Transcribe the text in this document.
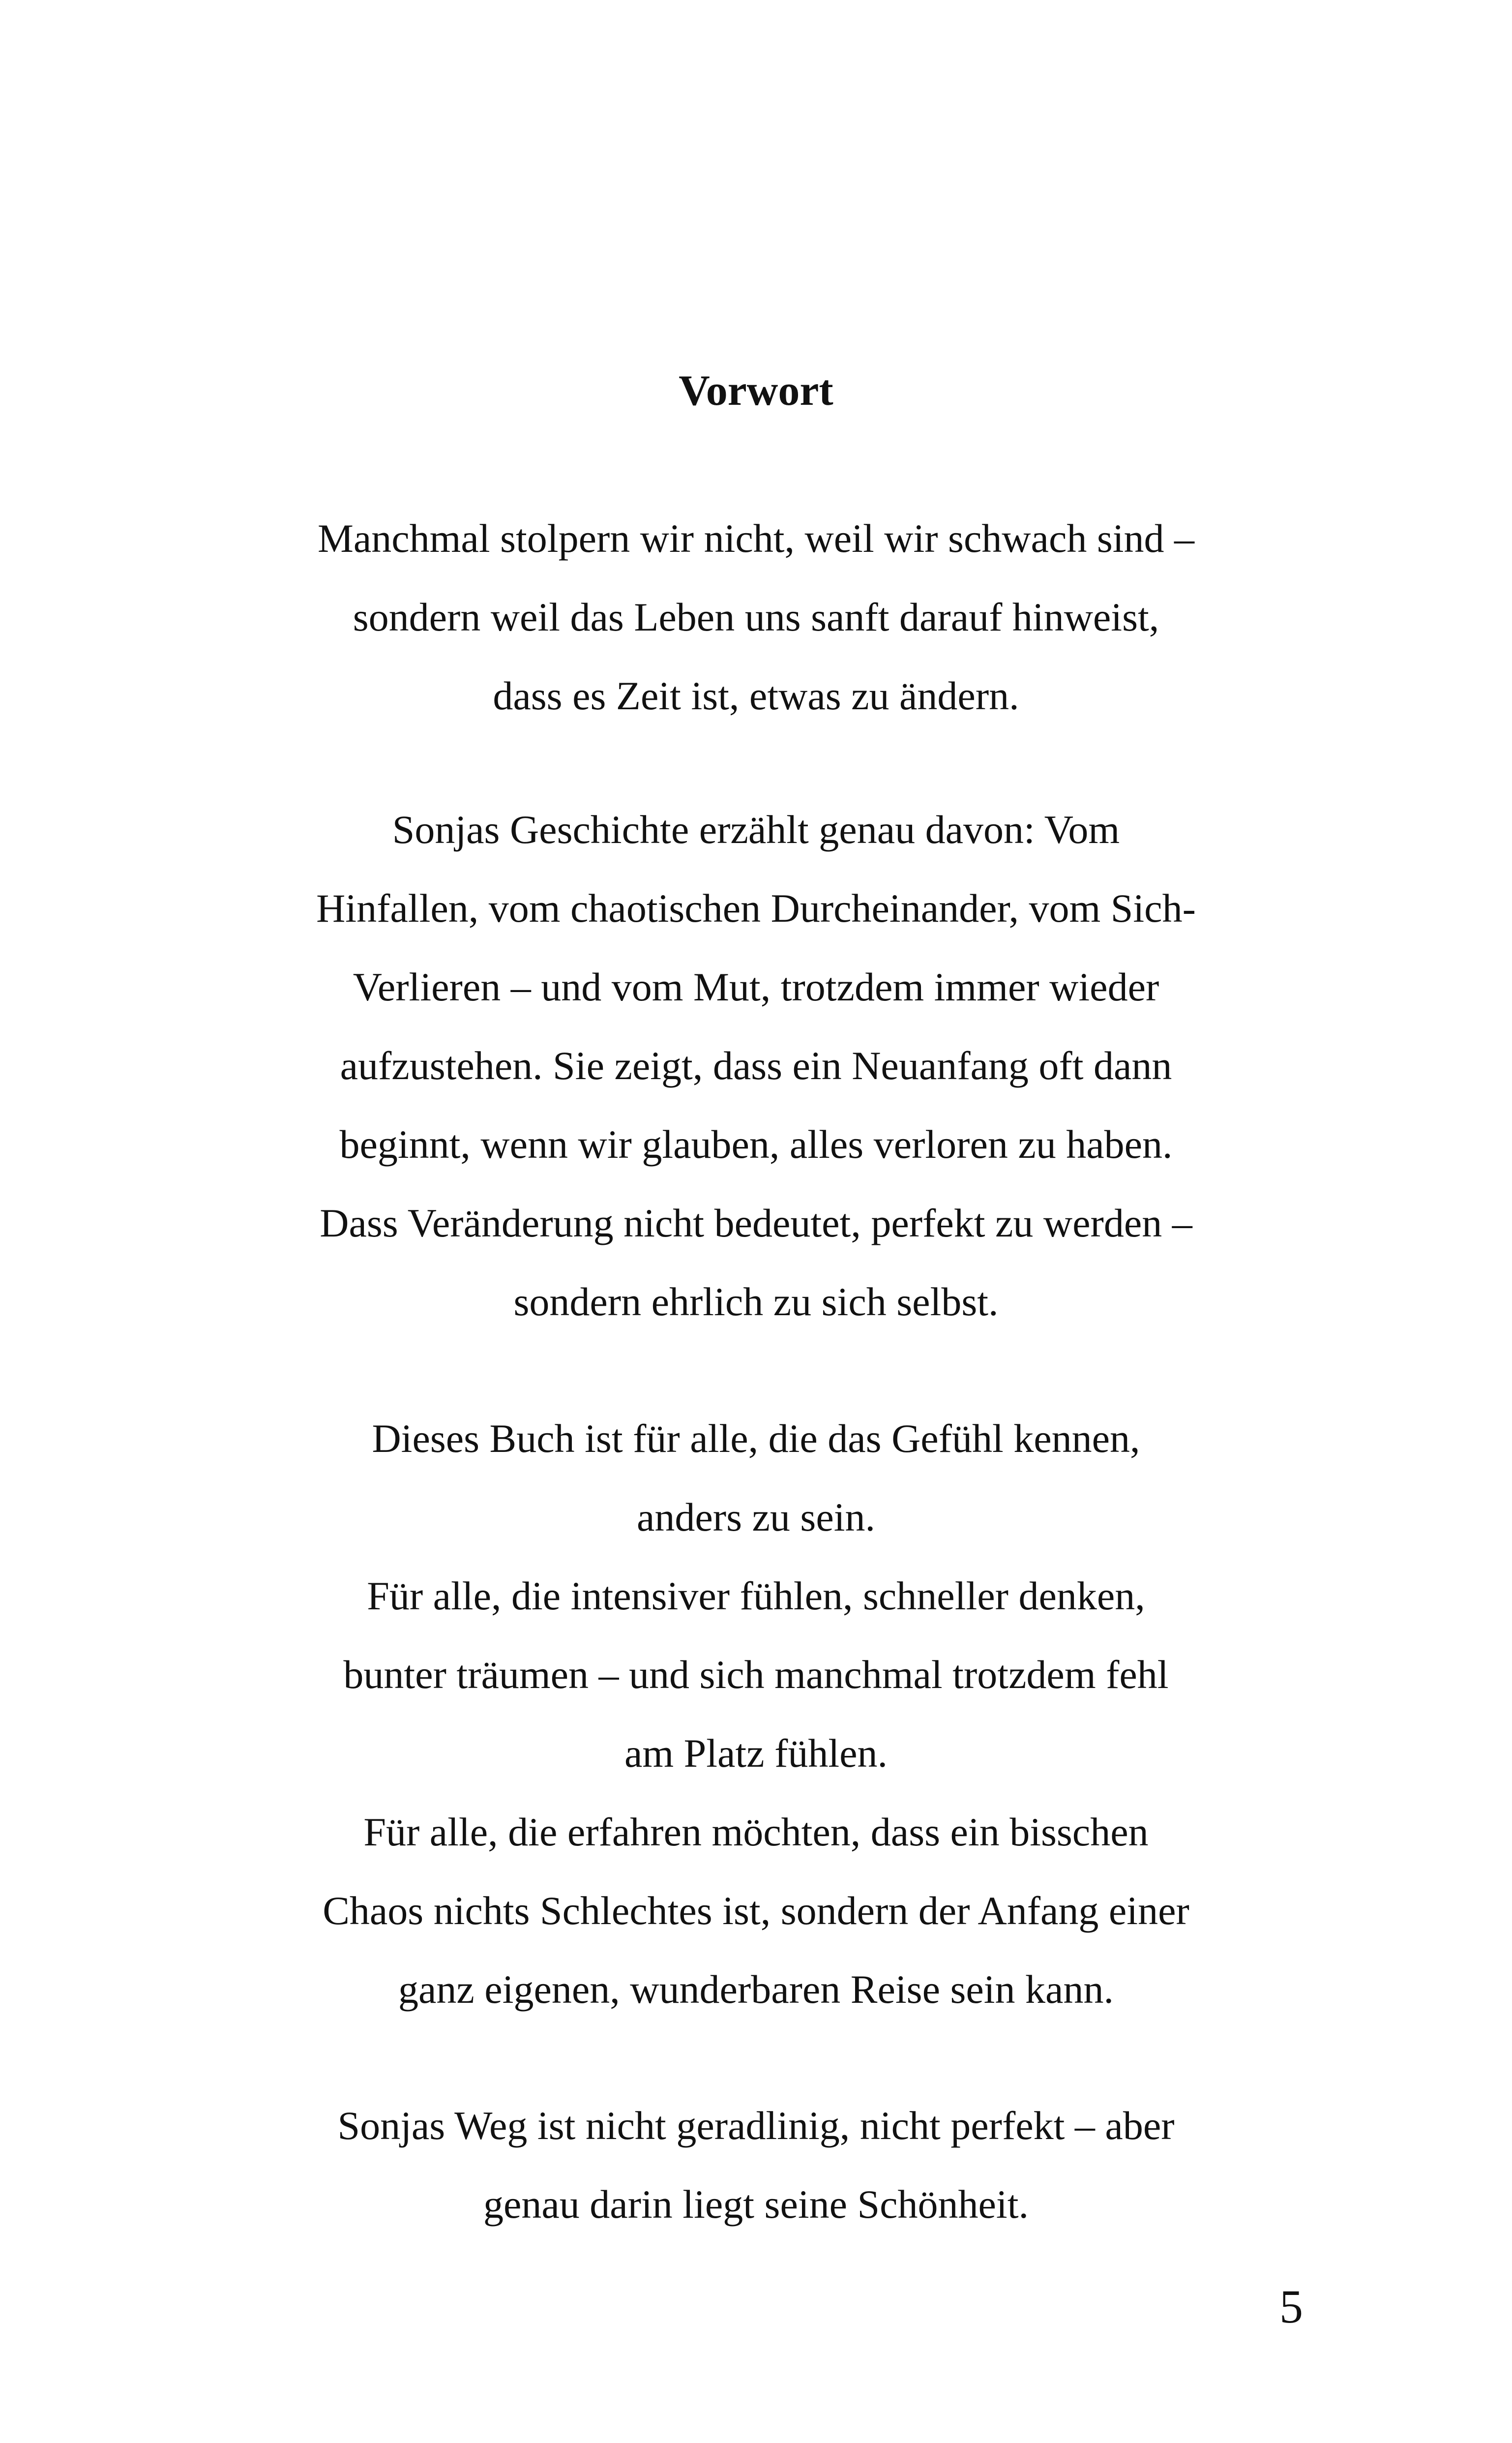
Vorwort

Manchmal stolpern wir nicht, weil wir schwach sind –

sondern weil das Leben uns sanft darauf hinweist,

dass es Zeit ist, etwas zu ändern.

Sonjas Geschichte erzählt genau davon: Vom

Hinfallen, vom chaotischen Durcheinander, vom Sich-

Verlieren – und vom Mut, trotzdem immer wieder

aufzustehen. Sie zeigt, dass ein Neuanfang oft dann

beginnt, wenn wir glauben, alles verloren zu haben.

Dass Veränderung nicht bedeutet, perfekt zu werden –

sondern ehrlich zu sich selbst.

Dieses Buch ist für alle, die das Gefühl kennen,

anders zu sein.

Für alle, die intensiver fühlen, schneller denken,

bunter träumen – und sich manchmal trotzdem fehl

am Platz fühlen.

Für alle, die erfahren möchten, dass ein bisschen

Chaos nichts Schlechtes ist, sondern der Anfang einer

ganz eigenen, wunderbaren Reise sein kann.

Sonjas Weg ist nicht geradlinig, nicht perfekt – aber

genau darin liegt seine Schönheit.

5
